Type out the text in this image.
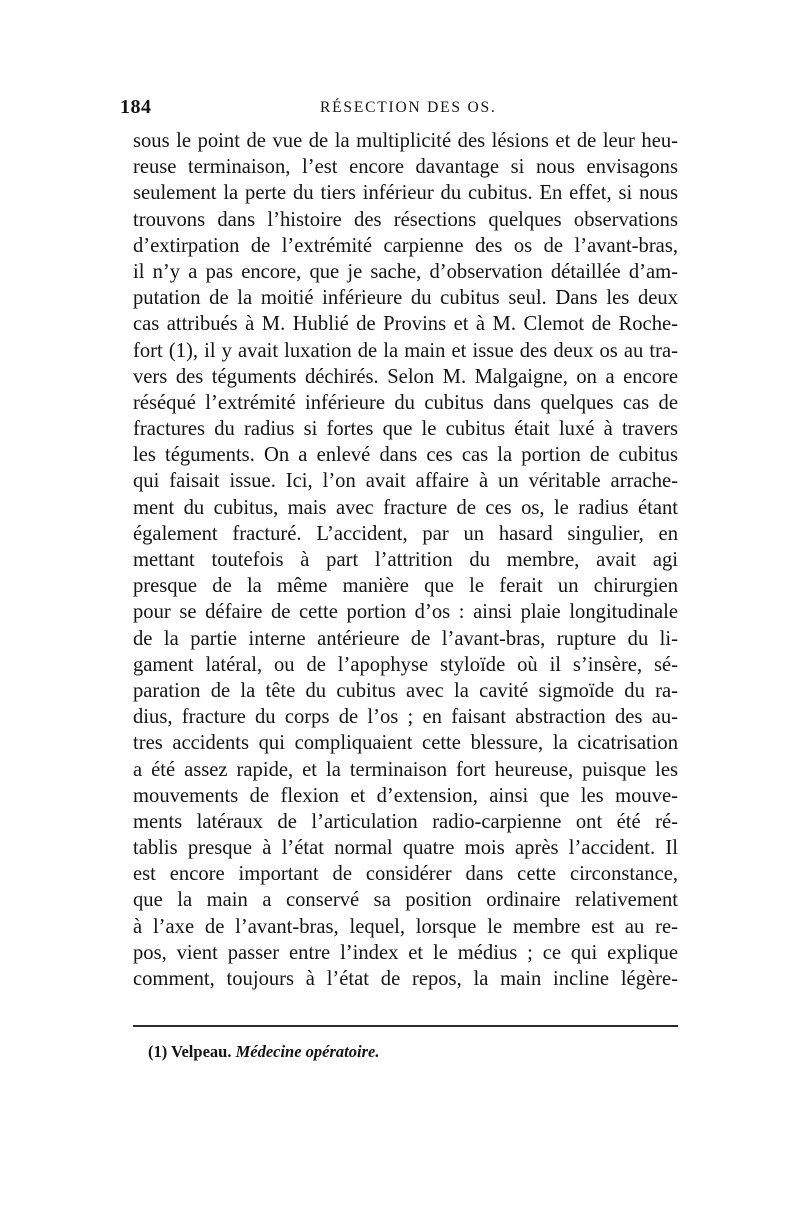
184	RÉSECTION DES OS.
sous le point de vue de la multiplicité des lésions et de leur heu-
reuse terminaison, l’est encore davantage si nous envisagons
seulement la perte du tiers inférieur du cubitus. En effet, si nous
trouvons dans l’histoire des résections quelques observations
d’extirpation de l’extrémité carpienne des os de l’avant-bras,
il n’y a pas encore, que je sache, d’observation détaillée d’am-
putation de la moitié inférieure du cubitus seul. Dans les deux
cas attribués à M. Hublié de Provins et à M. Clemot de Roche-
fort (1), il y avait luxation de la main et issue des deux os au tra-
vers des téguments déchirés. Selon M. Malgaigne, on a encore
réséqué l’extrémité inférieure du cubitus dans quelques cas de
fractures du radius si fortes que le cubitus était luxé à travers
les téguments. On a enlevé dans ces cas la portion de cubitus
qui faisait issue. Ici, l’on avait affaire à un véritable arrache-
ment du cubitus, mais avec fracture de ces os, le radius étant
également fracturé. L’accident, par un hasard singulier, en
mettant toutefois à part l’attrition du membre, avait agi
presque de la même manière que le ferait un chirurgien
pour se défaire de cette portion d’os : ainsi plaie longitudinale
de la partie interne antérieure de l’avant-bras, rupture du li-
gament latéral, ou de l’apophyse styloïde où il s’insère, sé-
paration de la tête du cubitus avec la cavité sigmoïde du ra-
dius, fracture du corps de l’os ; en faisant abstraction des au-
tres accidents qui compliquaient cette blessure, la cicatrisation
a été assez rapide, et la terminaison fort heureuse, puisque les
mouvements de flexion et d’extension, ainsi que les mouve-
ments latéraux de l’articulation radio-carpienne ont été ré-
tablis presque à l’état normal quatre mois après l’accident. Il
est encore important de considérer dans cette circonstance,
que la main a conservé sa position ordinaire relativement
à l’axe de l’avant-bras, lequel, lorsque le membre est au re-
pos, vient passer entre l’index et le médius ; ce qui explique
comment, toujours à l’état de repos, la main incline légère-
(1) Velpeau. Médecine opératoire.
